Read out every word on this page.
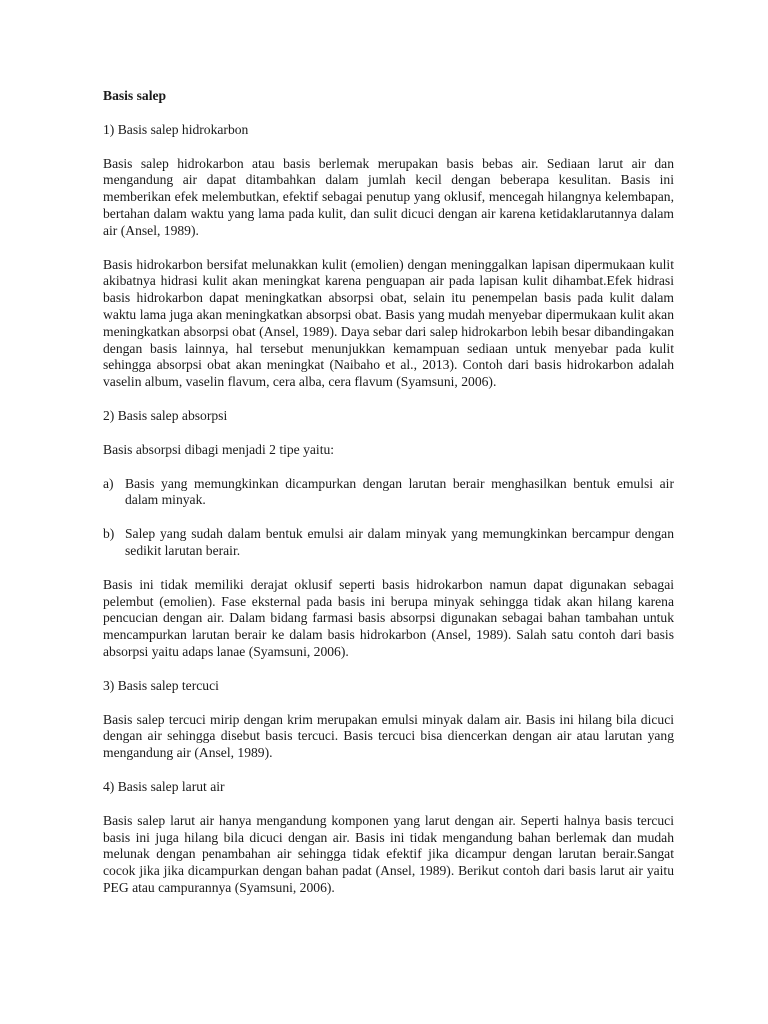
Basis salep
1) Basis salep hidrokarbon
Basis salep hidrokarbon atau basis berlemak merupakan basis bebas air. Sediaan larut air dan mengandung air dapat ditambahkan dalam jumlah kecil dengan beberapa kesulitan. Basis ini memberikan efek melembutkan, efektif sebagai penutup yang oklusif, mencegah hilangnya kelembapan, bertahan dalam waktu yang lama pada kulit, dan sulit dicuci dengan air karena ketidaklarutannya dalam air (Ansel, 1989).
Basis hidrokarbon bersifat melunakkan kulit (emolien) dengan meninggalkan lapisan dipermukaan kulit akibatnya hidrasi kulit akan meningkat karena penguapan air pada lapisan kulit dihambat.Efek hidrasi basis hidrokarbon dapat meningkatkan absorpsi obat, selain itu penempelan basis pada kulit dalam waktu lama juga akan meningkatkan absorpsi obat. Basis yang mudah menyebar dipermukaan kulit akan meningkatkan absorpsi obat (Ansel, 1989). Daya sebar dari salep hidrokarbon lebih besar dibandingakan dengan basis lainnya, hal tersebut menunjukkan kemampuan sediaan untuk menyebar pada kulit sehingga absorpsi obat akan meningkat (Naibaho et al., 2013). Contoh dari basis hidrokarbon adalah vaselin album, vaselin flavum, cera alba, cera flavum (Syamsuni, 2006).
2) Basis salep absorpsi
Basis absorpsi dibagi menjadi 2 tipe yaitu:
a) Basis yang memungkinkan dicampurkan dengan larutan berair menghasilkan bentuk emulsi air dalam minyak.
b) Salep yang sudah dalam bentuk emulsi air dalam minyak yang memungkinkan bercampur dengan sedikit larutan berair.
Basis ini tidak memiliki derajat oklusif seperti basis hidrokarbon namun dapat digunakan sebagai pelembut (emolien). Fase eksternal pada basis ini berupa minyak sehingga tidak akan hilang karena pencucian dengan air. Dalam bidang farmasi basis absorpsi digunakan sebagai bahan tambahan untuk mencampurkan larutan berair ke dalam basis hidrokarbon (Ansel, 1989). Salah satu contoh dari basis absorpsi yaitu adaps lanae (Syamsuni, 2006).
3) Basis salep tercuci
Basis salep tercuci mirip dengan krim merupakan emulsi minyak dalam air. Basis ini hilang bila dicuci dengan air sehingga disebut basis tercuci. Basis tercuci bisa diencerkan dengan air atau larutan yang mengandung air (Ansel, 1989).
4) Basis salep larut air
Basis salep larut air hanya mengandung komponen yang larut dengan air. Seperti halnya basis tercuci basis ini juga hilang bila dicuci dengan air. Basis ini tidak mengandung bahan berlemak dan mudah melunak dengan penambahan air sehingga tidak efektif jika dicampur dengan larutan berair.Sangat cocok jika jika dicampurkan dengan bahan padat (Ansel, 1989). Berikut contoh dari basis larut air yaitu PEG atau campurannya (Syamsuni, 2006).
